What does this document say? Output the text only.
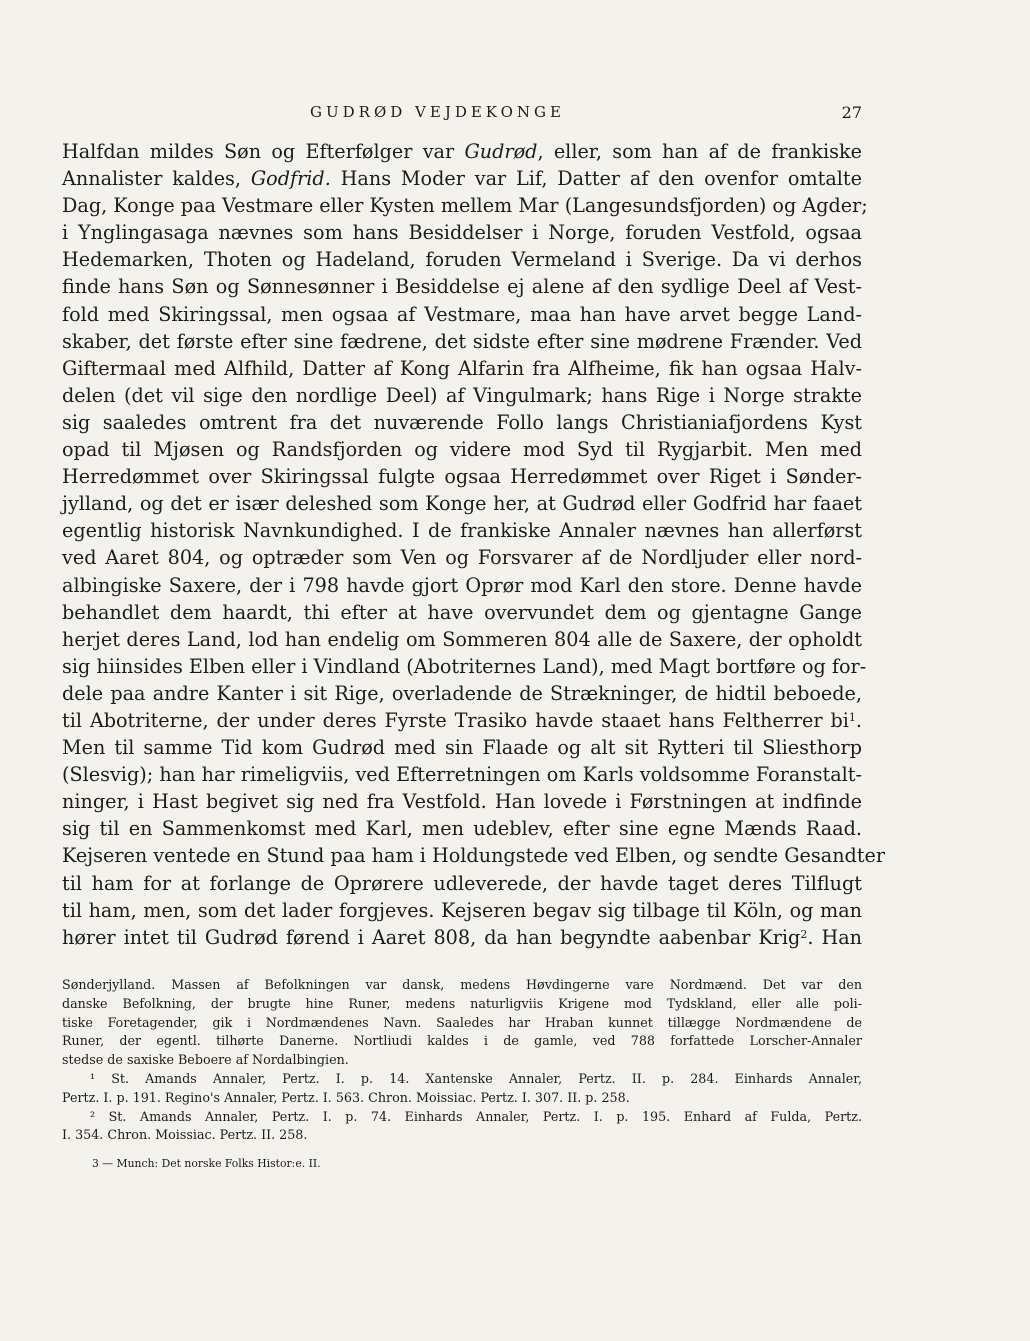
GUDRØD VEJDEKONGE	27
Halfdan mildes Søn og Efterfølger var Gudrød, eller, som han af de frankiske
Annalister kaldes, Godfrid. Hans Moder var Lif, Datter af den ovenfor omtalte
Dag, Konge paa Vestmare eller Kysten mellem Mar (Langesundsfjorden) og Agder;
i Ynglingasaga nævnes som hans Besiddelser i Norge, foruden Vestfold, ogsaa
Hedemarken, Thoten og Hadeland, foruden Vermeland i Sverige. Da vi derhos
finde hans Søn og Sønnesønner i Besiddelse ej alene af den sydlige Deel af Vest-
fold med Skiringssal, men ogsaa af Vestmare, maa han have arvet begge Land-
skaber, det første efter sine fædrene, det sidste efter sine mødrene Frænder. Ved
Giftermaal med Alfhild, Datter af Kong Alfarin fra Alfheime, fik han ogsaa Halv-
delen (det vil sige den nordlige Deel) af Vingulmark; hans Rige i Norge strakte
sig saaledes omtrent fra det nuværende Follo langs Christianiafjordens Kyst
opad til Mjøsen og Randsfjorden og videre mod Syd til Rygjarbit. Men med
Herredømmet over Skiringssal fulgte ogsaa Herredømmet over Riget i Sønder-
jylland, og det er især deleshed som Konge her, at Gudrød eller Godfrid har faaet
egentlig historisk Navnkundighed. I de frankiske Annaler nævnes han allerførst
ved Aaret 804, og optræder som Ven og Forsvarer af de Nordljuder eller nord-
albingiske Saxere, der i 798 havde gjort Oprør mod Karl den store. Denne havde
behandlet dem haardt, thi efter at have overvundet dem og gjentagne Gange
herjet deres Land, lod han endelig om Sommeren 804 alle de Saxere, der opholdt
sig hiinsides Elben eller i Vindland (Abotriternes Land), med Magt bortføre og for-
dele paa andre Kanter i sit Rige, overladende de Strækninger, de hidtil beboede,
til Abotriterne, der under deres Fyrste Trasiko havde staaet hans Feltherrer $bi^1$.
Men til samme Tid kom Gudrød med sin Flaade og alt sit Rytteri til Sliesthorp
(Slesvig); han har rimeligviis, ved Efterretningen om Karls voldsomme Foranstalt-
ninger, i Hast begivet sig ned fra Vestfold. Han lovede i Førstningen at indfinde
sig til en Sammenkomst med Karl, men udeblev, efter sine egne Mænds Raad.
Kejseren ventede en Stund paa ham i Holdungstede ved Elben, og sendte Gesandter
til ham for at forlange de Oprørere udleverede, der havde taget deres Tilflugt
til ham, men, som det lader forgjeves. Kejseren begav sig tilbage til Köln, og man
hører intet til Gudrød førend i Aaret 808, da han begyndte aabenbar Krig$^2$. Han
Sønderjylland. Massen af Befolkningen var dansk, medens Høvdingerne vare Nordmænd. Det var den
danske Befolkning, der brugte hine Runer, medens naturligviis Krigene mod Tydskland, eller alle poli-
tiske Foretagender, gik i Nordmændenes Navn. Saaledes har Hraban kunnet tillægge Nordmændene de
Runer, der egentl. tilhørte Danerne. Nortliudi kaldes i de gamle, ved 788 forfattede Lorscher-Annaler
stedse de saxiske Beboere af Nordalbingien.
¹ St. Amands Annaler, Pertz. I. p. 14. Xantenske Annaler, Pertz. II. p. 284. Einhards Annaler,
Pertz. I. p. 191. Regino's Annaler, Pertz. I. 563. Chron. Moissiac. Pertz. I. 307. II. p. 258.
² St. Amands Annaler, Pertz. I. p. 74. Einhards Annaler, Pertz. I. p. 195. Enhard af Fulda, Pertz.
I. 354. Chron. Moissiac. Pertz. II. 258.
3 — Munch: Det norske Folks Histor:e. II.
